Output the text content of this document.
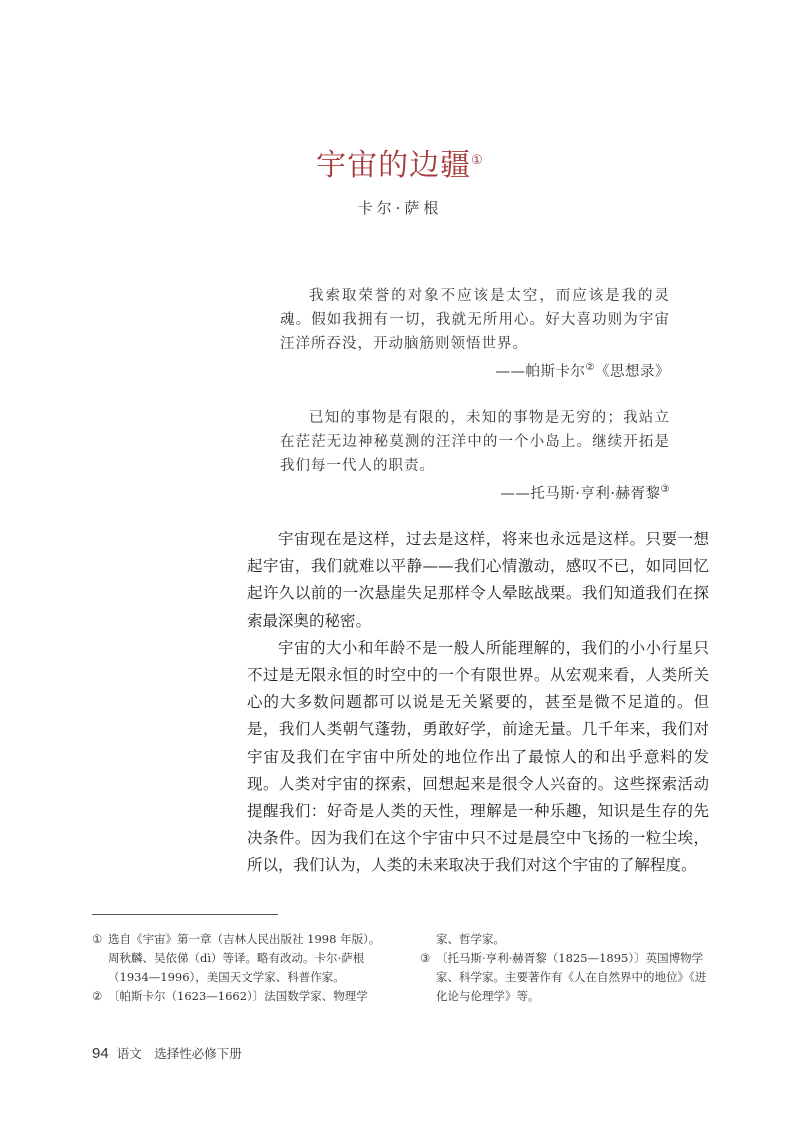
宇宙的边疆①
卡尔·萨根

我索取荣誉的对象不应该是太空，而应该是我的灵魂。假如我拥有一切，我就无所用心。好大喜功则为宇宙汪洋所吞没，开动脑筋则领悟世界。

——帕斯卡尔②《思想录》

已知的事物是有限的，未知的事物是无穷的；我站立在茫茫无边神秘莫测的汪洋中的一个小岛上。继续开拓是我们每一代人的职责。

——托马斯·亨利·赫胥黎③

宇宙现在是这样，过去是这样，将来也永远是这样。只要一想起宇宙，我们就难以平静——我们心情激动，感叹不已，如同回忆起许久以前的一次悬崖失足那样令人晕眩战栗。我们知道我们在探索最深奥的秘密。

宇宙的大小和年龄不是一般人所能理解的，我们的小小行星只不过是无限永恒的时空中的一个有限世界。从宏观来看，人类所关心的大多数问题都可以说是无关紧要的，甚至是微不足道的。但是，我们人类朝气蓬勃，勇敢好学，前途无量。几千年来，我们对宇宙及我们在宇宙中所处的地位作出了最惊人的和出乎意料的发现。人类对宇宙的探索，回想起来是很令人兴奋的。这些探索活动提醒我们：好奇是人类的天性，理解是一种乐趣，知识是生存的先决条件。因为我们在这个宇宙中只不过是晨空中飞扬的一粒尘埃，所以，我们认为，人类的未来取决于我们对这个宇宙的了解程度。

① 选自《宇宙》第一章（吉林人民出版社 1998 年版）。周秋麟、吴依俤（dì）等译。略有改动。卡尔·萨根（1934—1996），美国天文学家、科普作家。

② 〔帕斯卡尔（1623—1662）〕法国数学家、物理学

家、哲学家。

③ 〔托马斯·亨利·赫胥黎（1825—1895）〕英国博物学家、科学家。主要著作有《人在自然界中的地位》《进化论与伦理学》等。

94 语文　选择性必修下册
